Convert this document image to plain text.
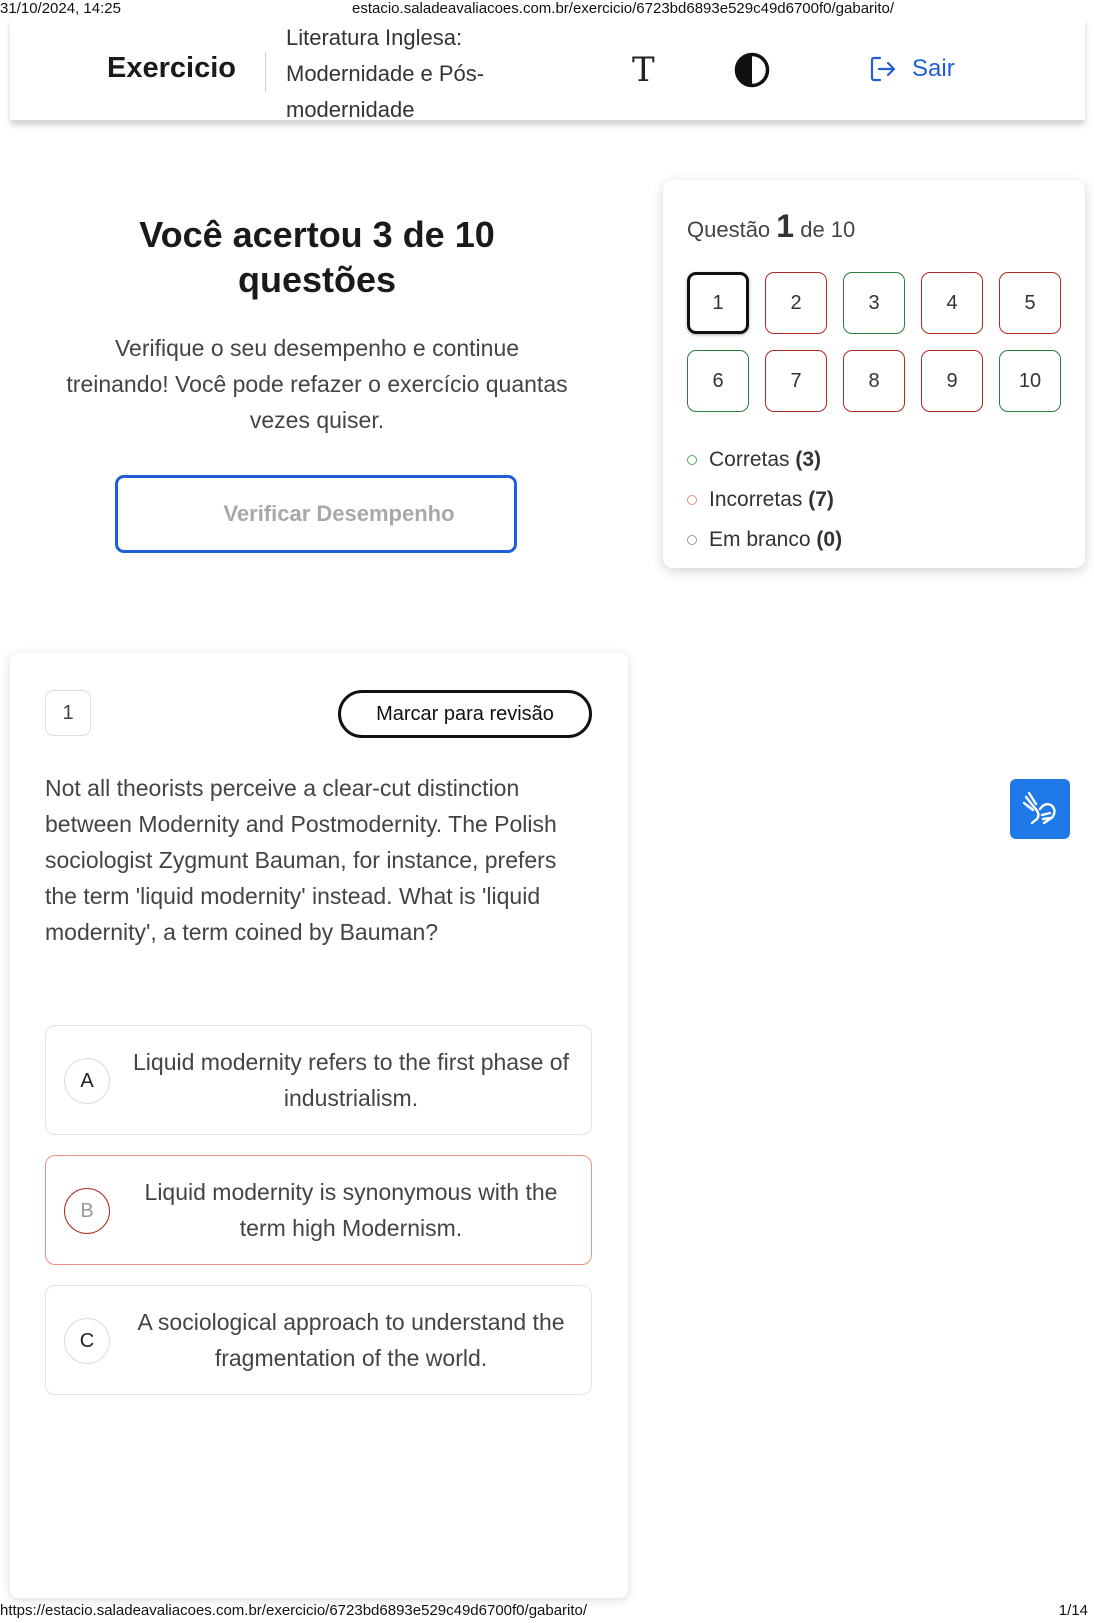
31/10/2024, 14:25	estacio.saladeavaliacoes.com.br/exercicio/6723bd6893e529c49d6700f0/gabarito/
Exercicio
Literatura Inglesa: Modernidade e Pós-modernidade
T	Sair
Você acertou 3 de 10 questões

Verifique o seu desempenho e continue treinando! Você pode refazer o exercício quantas vezes quiser.

Verificar Desempenho
Questão 1 de 10
1	2	3	4	5
6	7	8	9	10
Corretas
(3)
Incorretas
(7)
Em branco
(0)
1	Marcar para revisão
Not all theorists perceive a clear-cut distinction between Modernity and Postmodernity. The Polish sociologist Zygmunt Bauman, for instance, prefers the term 'liquid modernity' instead. What is 'liquid modernity', a term coined by Bauman?
A
Liquid modernity refers to the first phase of industrialism.
B
Liquid modernity is synonymous with the term high Modernism.
C
A sociological approach to understand the fragmentation of the world.
https://estacio.saladeavaliacoes.com.br/exercicio/6723bd6893e529c49d6700f0/gabarito/	1/14
